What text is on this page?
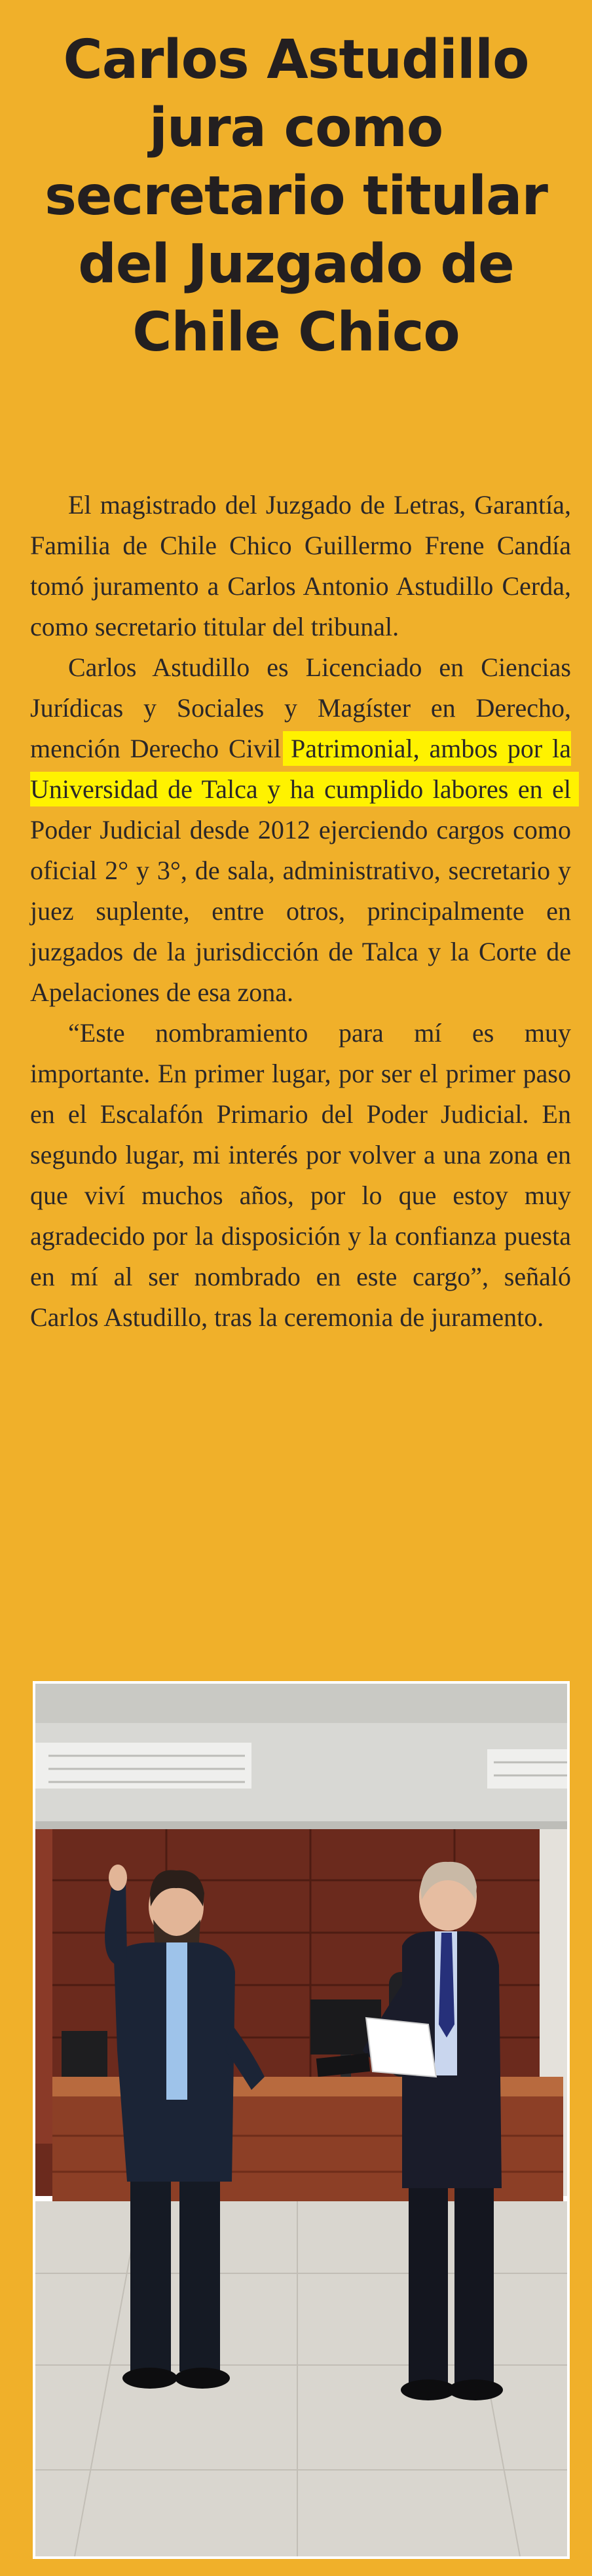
Carlos Astudillo jura como secretario titular del Juzgado de Chile Chico

El magistrado del Juzgado de Letras, Garantía, Familia de Chile Chico Guillermo Frene Candía tomó juramento a Carlos Antonio Astudillo Cerda, como secretario titular del tribunal.

Carlos Astudillo es Licenciado en Ciencias Jurídicas y Sociales y Magíster en Derecho, mención Derecho Civil Patrimonial, ambos por la Universidad de Talca y ha cumplido labores en el Poder Judicial desde 2012 ejerciendo cargos como oficial 2° y 3°, de sala, administrativo, secretario y juez suplente, entre otros, principalmente en juzgados de la jurisdicción de Talca y la Corte de Apelaciones de esa zona.

“Este nombramiento para mí es muy importante. En primer lugar, por ser el primer paso en el Escalafón Primario del Poder Judicial. En segundo lugar, mi interés por volver a una zona en que viví muchos años, por lo que estoy muy agradecido por la disposición y la confianza puesta en mí al ser nombrado en este cargo”, señaló Carlos Astudillo, tras la ceremonia de juramento.
